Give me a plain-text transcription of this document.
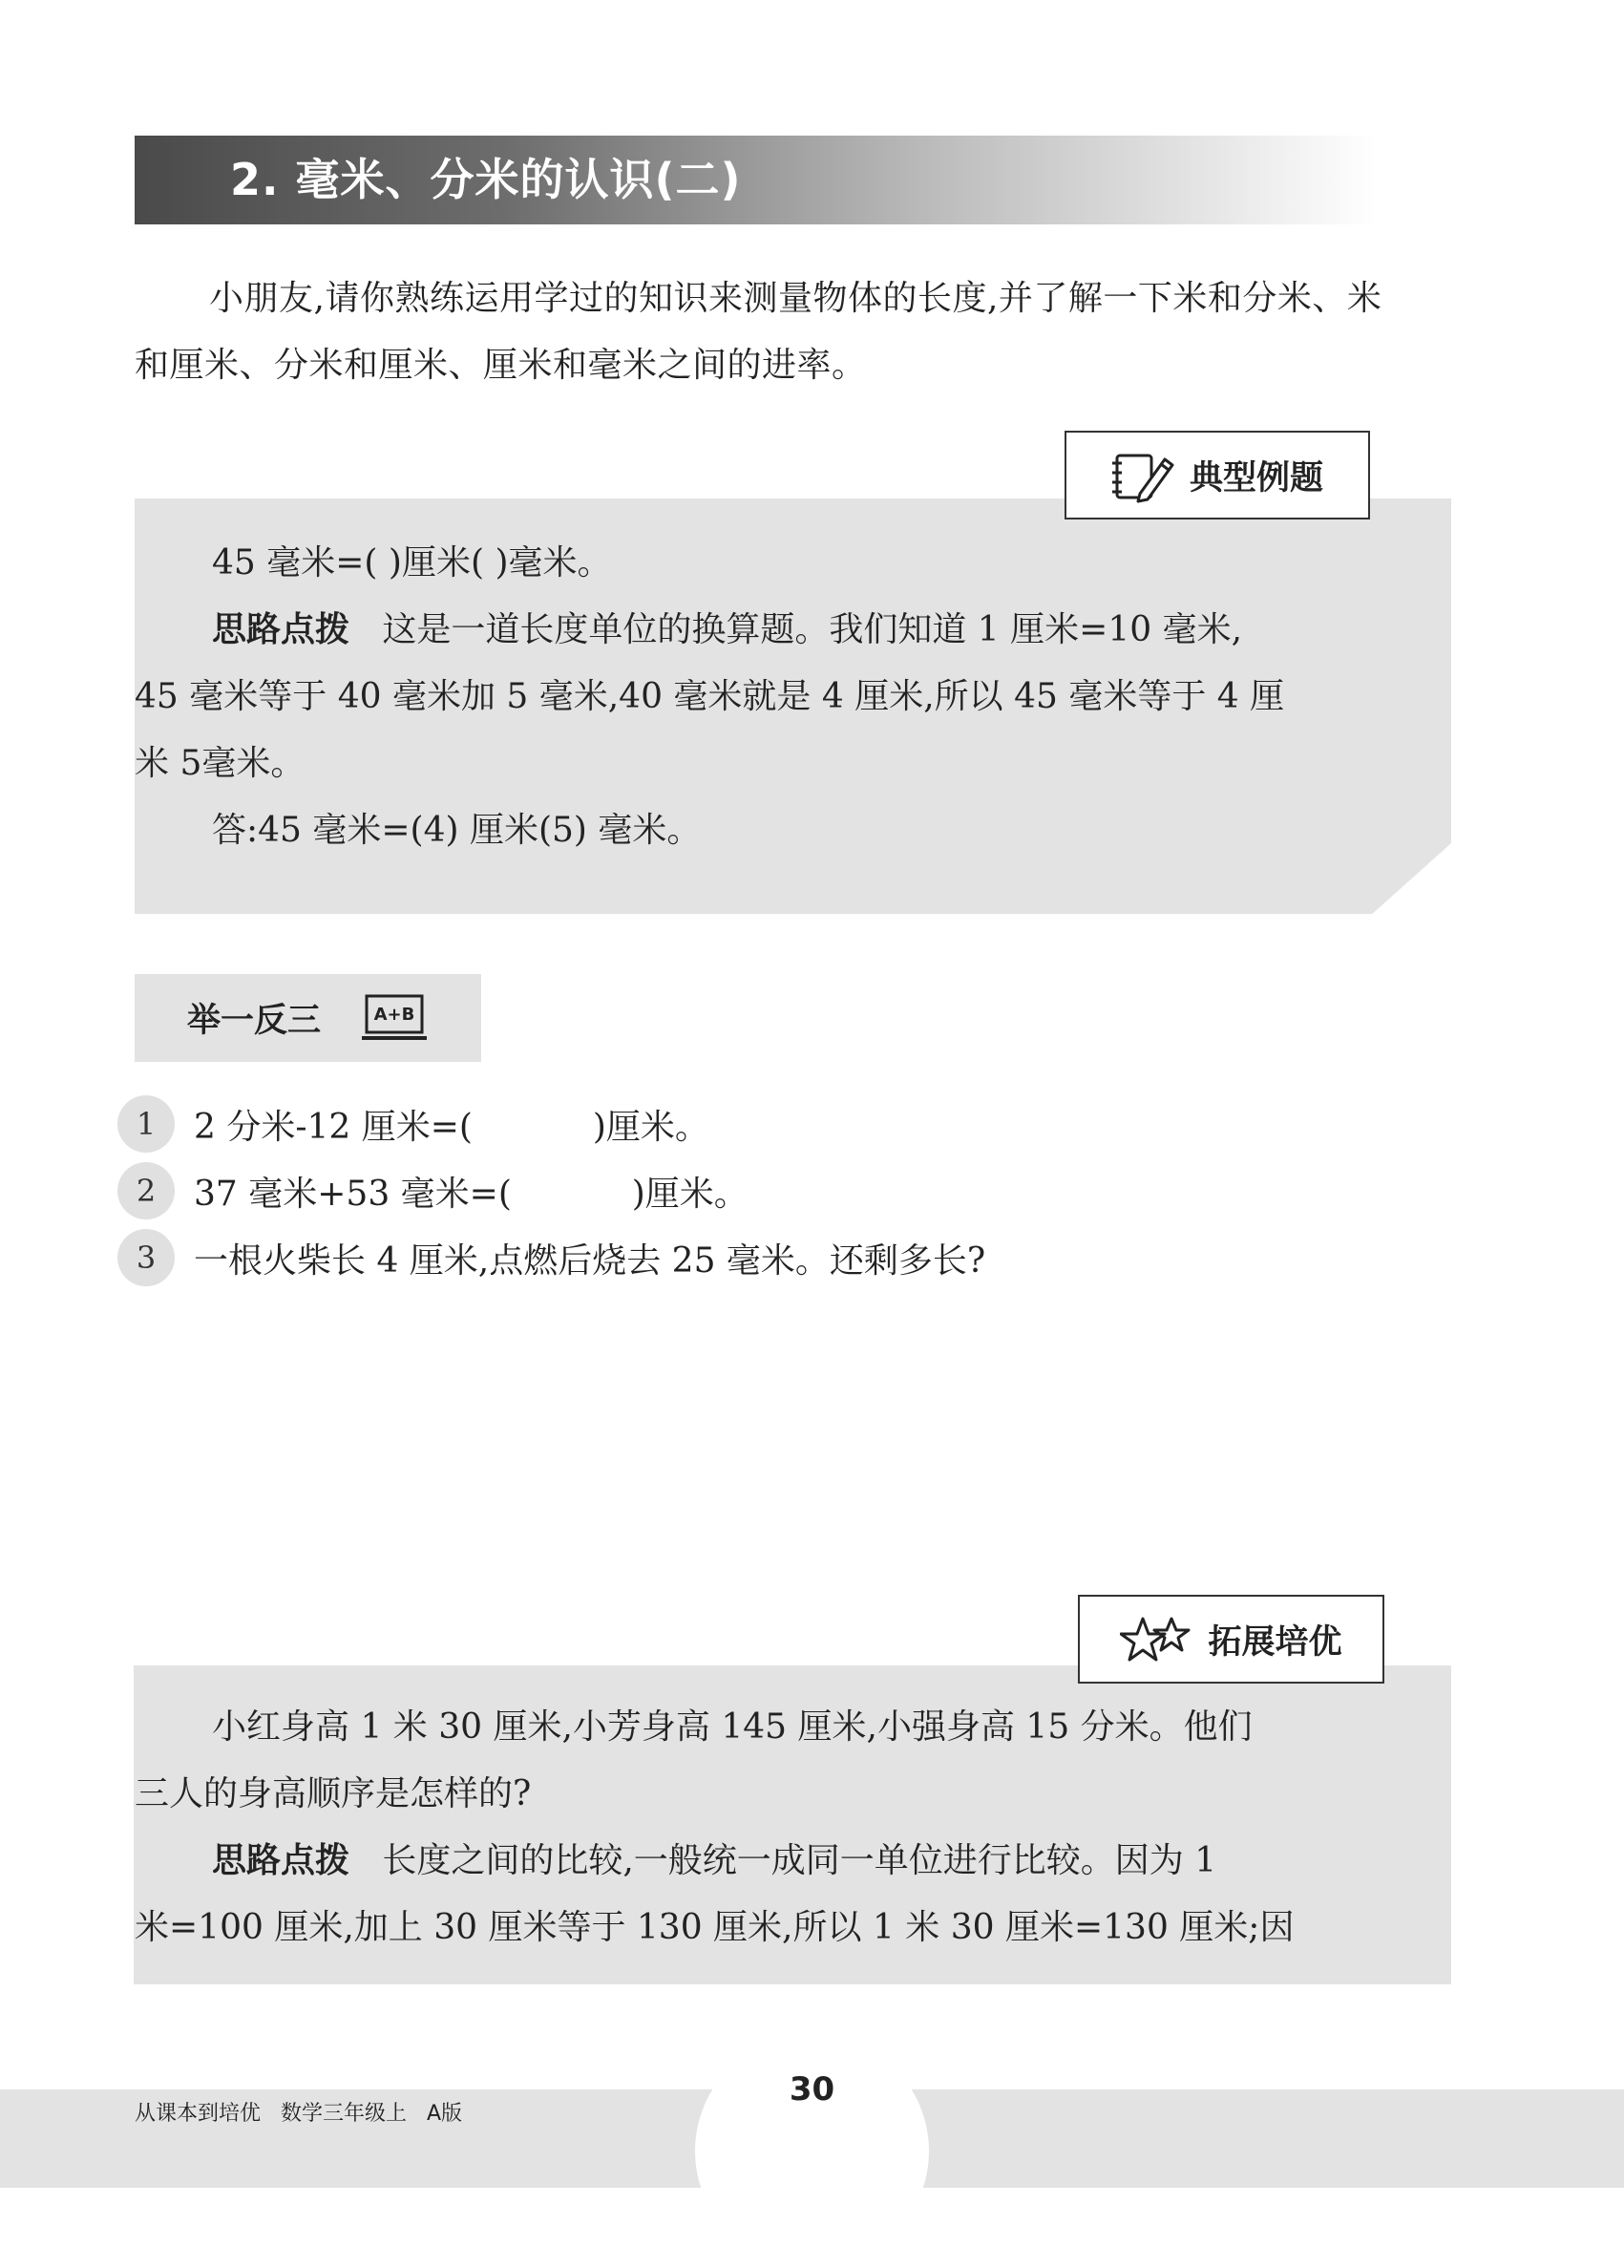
2. 毫米、分米的认识(二)
小朋友,请你熟练运用学过的知识来测量物体的长度,并了解一下米和分米、米
和厘米、分米和厘米、厘米和毫米之间的进率。
典型例题
45 毫米=( )厘米( )毫米。
思路点拨 这是一道长度单位的换算题。我们知道 1 厘米=10 毫米,
45 毫米等于 40 毫米加 5 毫米,40 毫米就是 4 厘米,所以 45 毫米等于 4 厘
米 5毫米。
答:45 毫米=(4) 厘米(5) 毫米。
举一反三	A+B
1	2 分米-12 厘米=(           )厘米。
2	37 毫米+53 毫米=(           )厘米。
3	一根火柴长 4 厘米,点燃后烧去 25 毫米。还剩多长?
拓展培优
小红身高 1 米 30 厘米,小芳身高 145 厘米,小强身高 15 分米。他们
三人的身高顺序是怎样的?
思路点拨 长度之间的比较,一般统一成同一单位进行比较。因为 1
米=100 厘米,加上 30 厘米等于 130 厘米,所以 1 米 30 厘米=130 厘米;因
30
从课本到培优   数学三年级上   A版
